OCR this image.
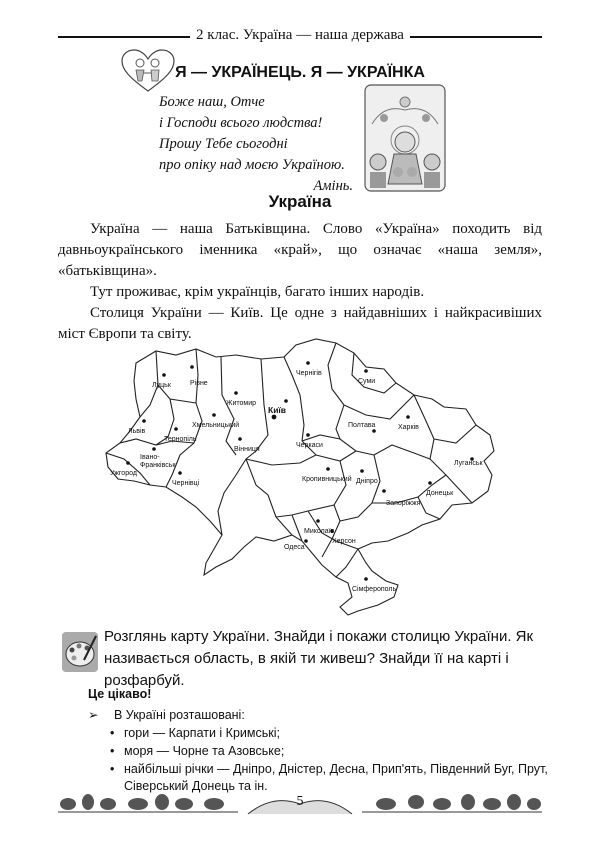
2 клас. Україна — наша держава
Я — УКРАЇНЕЦЬ. Я — УКРАЇНКА
Боже наш, Отче
і Господи всього людства!
Прошу Тебе сьогодні
про опіку над моєю Україною.
Амінь.
Україна
Україна — наша Батьківщина. Слово «Україна» походить від давньоукраїнського іменника «край», що означає «наша земля», «батьківщина».
Тут проживає, крім українців, багато інших народів.
Столиця України — Київ. Це одне з найдавніших і найкрасивіших міст Європи та світу.
Луцьк	Рівне
Львів
Тернопіль
Хмельницький
Житомир
Київ
Чернігів
Суми
Харків
Полтава
Черкаси
Вінниця
Івано-
Франківськ
Чернівці
Ужгород
Кропивницький Дніпро
Луганськ
Донецьк
Запоріжжя
Миколаїв
Херсон
Одеса
Сімферополь
Розглянь карту України. Знайди і покажи столицю України. Як називається область, в якій ти живеш? Знайди її на карті і розфарбуй.
Це цікаво!
➢ В Україні розташовані:
• гори — Карпати і Кримські;
• моря — Чорне та Азовське;
• найбільші річки — Дніпро, Дністер, Десна, Прип'ять, Південний Буг, Прут, Сіверський Донець та ін.
5
